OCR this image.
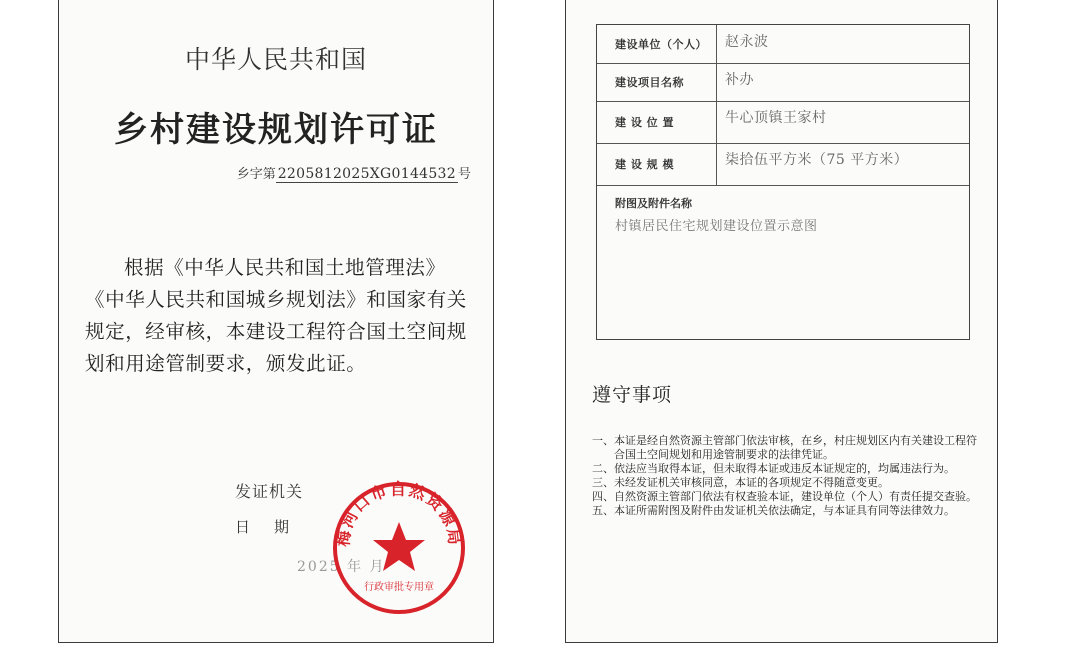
中华人民共和国
乡村建设规划许可证
乡字第 2205812025XG0144532 号
根据《中华人民共和国土地管理法》《中华人民共和国城乡规划法》和国家有关规定，经审核，本建设工程符合国土空间规划和用途管制要求，颁发此证。
发证机关
日期
2025 年 月
梅河口市自然资源局
行政审批专用章
建设单位（个人）	赵永波
建设项目名称	补办
建 设 位 置	牛心顶镇王家村
建 设 规 模	柒拾伍平方米（75 平方米）
附图及附件名称
村镇居民住宅规划建设位置示意图
遵守事项
一、 本证是经自然资源主管部门依法审核，在乡，村庄规划区内有关建设工程符合国土空间规划和用途管制要求的法律凭证。
二、 依法应当取得本证，但未取得本证或违反本证规定的，均属违法行为。
三、 未经发证机关审核同意，本证的各项规定不得随意变更。
四、 自然资源主管部门依法有权查验本证，建设单位（个人）有责任提交查验。
五、 本证所需附图及附件由发证机关依法确定，与本证具有同等法律效力。
